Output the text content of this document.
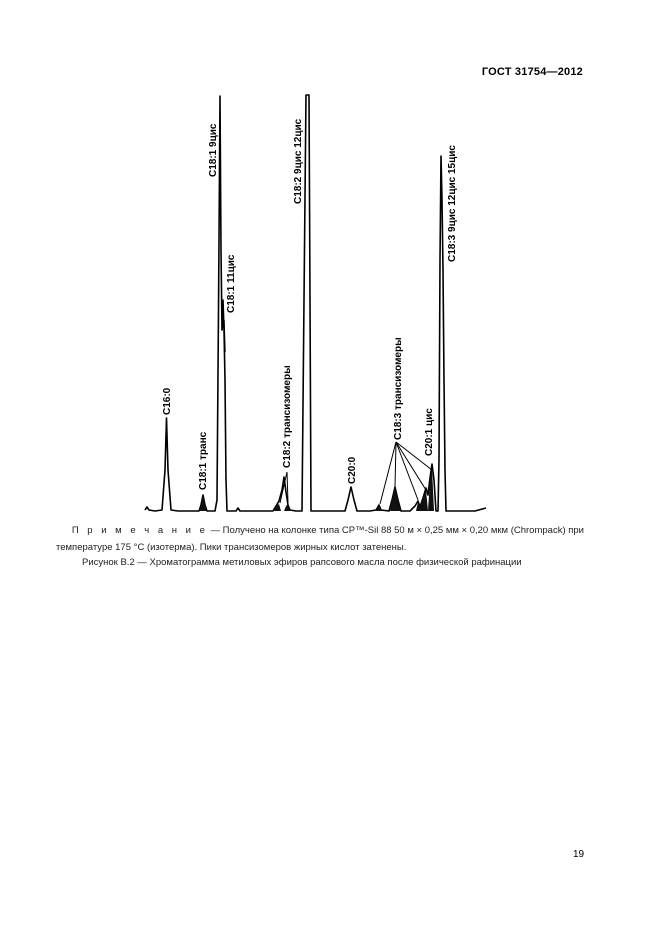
ГОСТ 31754—2012
C16:0
C18:1 транс
C18:1 9цис
C18:1 11цис
C18:2 трансизомеры
C18:2 9цис 12цис
C20:0
C18:3 трансизомеры C20:1 цис
C18:3 9цис 12цис 15цис
П р и м е ч а н и е — Получено на колонке типа CP™-Sil 88 50 м × 0,25 мм × 0,20 мкм (Chrompack) при температуре 175 °C (изотерма). Пики трансизомеров жирных кислот затенены.
Рисунок В.2 — Хроматограмма метиловых эфиров рапсового масла после физической рафинации
19
